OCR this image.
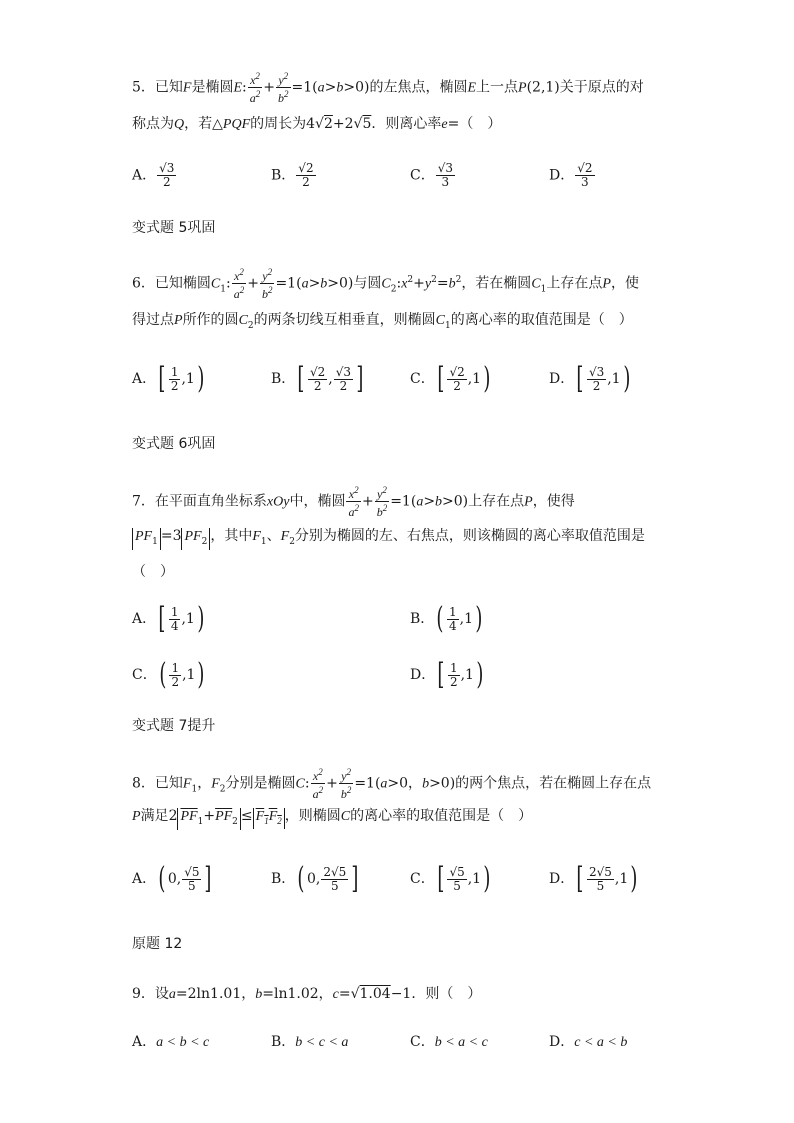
5．已知F是椭圆E: $\frac{x^2}{a^2} + \frac{y^2}{b^2} =1(a>b>0)$的左焦点，椭圆E上一点P(2,1)关于原点的对
称点为Q，若△PQF的周长为4√2+2√5．则离心率e=（　）
A． $\frac{√3}{2}$	B． $\frac{√2}{2}$	C． $\frac{√3}{3}$	D． $\frac{√2}{3}$
变式题 5巩固
6．已知椭圆$C_1$: $\frac{x^2}{a^2} + \frac{y^2}{b^2} =1(a>b>0)$与圆$C_2:x^2+y^2=b^2$，若在椭圆$C_1$上存在点P，使
得过点P所作的圆$C_2$的两条切线互相垂直，则椭圆$C_1$的离心率的取值范围是（　）
A．[ $\frac{1}{2} ,1$)	B．[ $\frac{√2}{2}$ , $\frac{√3}{2}$ ]	C．[ $\frac{√2}{2} ,1$)	D．[ $\frac{√3}{2} ,1$)
变式题 6巩固
7．在平面直角坐标系xOy中，椭圆 $\frac{x^2}{a^2} + \frac{y^2}{b^2} =1(a>b>0)$上存在点P，使得
$PF_1 =3$ $PF_2$ ，其中$F_1$、$F_2$分别为椭圆的左、右焦点，则该椭圆的离心率取值范围是
（　）
A．[ $\frac{1}{4} ,1$)	B．( $\frac{1}{4} ,1$)
C．( $\frac{1}{2} ,1$)	D．[ $\frac{1}{2} ,1$)
变式题 7提升
8．已知$F_1$，$F_2$分别是椭圆C: $\frac{x^2}{a^2} + \frac{y^2}{b^2} =1(a>0$，b>0)的两个焦点，若在椭圆上存在点
P满足2 $\overline{PF}_1+\overline{PF}_2 \le F_1F_2$ ，则椭圆C的离心率的取值范围是（　）
A．( 0, $\frac{√5}{5}$ ]	B．( 0, $\frac{2√5}{5}$ ]	C．[ $\frac{√5}{5} ,1$)	D．[ $\frac{2√5}{5} ,1$)
原题 12
9．设a=2ln1.01，b=ln1.02，c=√1.04−1．则（　）
A．a < b < c	B．b < c < a	C．b < a < c	D．c < a < b
